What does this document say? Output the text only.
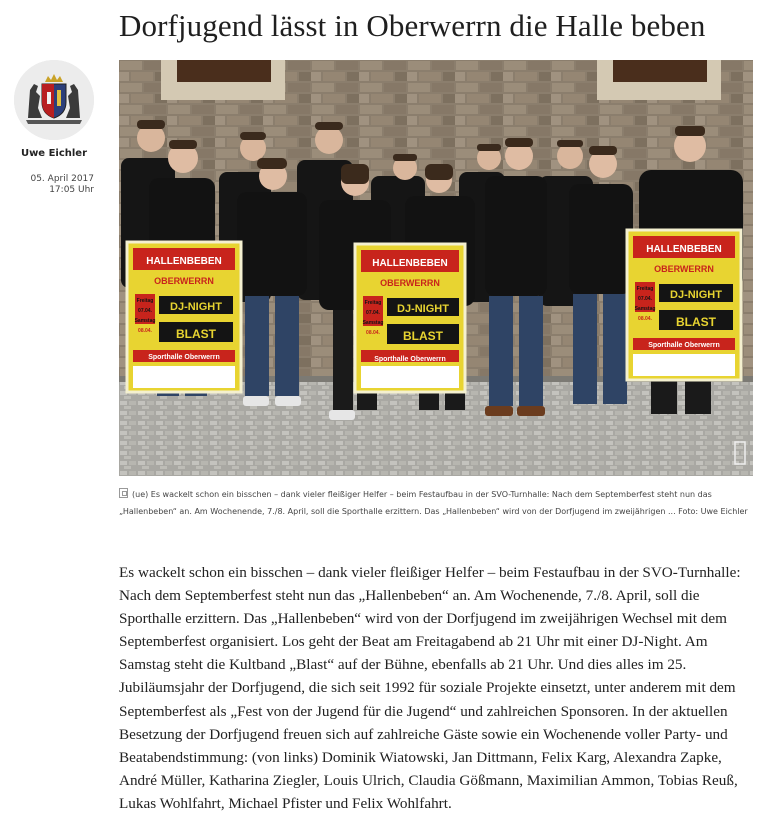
Dorfjugend lässt in Oberwerrn die Halle beben
Uwe Eichler
05. April 2017
17:05 Uhr
HALLENBEBEN
OBERWERRN
DJ-NIGHT
BLAST
Sporthalle Oberwerrn
HALLENBEBEN
OBERWERRN
DJ-NIGHT
BLAST
Sporthalle Oberwerrn
HALLENBEBEN
OBERWERRN
DJ-NIGHT
BLAST
Sporthalle Oberwerrn
Freitag
07.04.
Samstag
Freitag
07.04.
Samstag
Freitag
07.04.
Samstag
08.04.	08.04.
08.04.
(ue) Es wackelt schon ein bisschen – dank vieler fleißiger Helfer – beim Festaufbau in der SVO-Turnhalle: Nach dem Septemberfest steht nun das „Hallenbeben“ an. Am Wochenende, 7./8. April, soll die Sporthalle erzittern. Das „Hallenbeben“ wird von der Dorfjugend im zweijährigen ... Foto: Uwe Eichler

Es wackelt schon ein bisschen – dank vieler fleißiger Helfer – beim Festaufbau in der SVO-Turnhalle: Nach dem Septemberfest steht nun das „Hallenbeben“ an. Am Wochenende, 7./8. April, soll die Sporthalle erzittern. Das „Hallenbeben“ wird von der Dorfjugend im zweijährigen Wechsel mit dem Septemberfest organisiert. Los geht der Beat am Freitagabend ab 21 Uhr mit einer DJ-Night. Am Samstag steht die Kultband „Blast“ auf der Bühne, ebenfalls ab 21 Uhr. Und dies alles im 25. Jubiläumsjahr der Dorfjugend, die sich seit 1992 für soziale Projekte einsetzt, unter anderem mit dem Septemberfest als „Fest von der Jugend für die Jugend“ und zahlreichen Sponsoren. In der aktuellen Besetzung der Dorfjugend freuen sich auf zahlreiche Gäste sowie ein Wochenende voller Party- und Beatabendstimmung: (von links) Dominik Wiatowski, Jan Dittmann, Felix Karg, Alexandra Zapke, André Müller, Katharina Ziegler, Louis Ulrich, Claudia Gößmann, Maximilian Ammon, Tobias Reuß, Lukas Wohlfahrt, Michael Pfister und Felix Wohlfahrt.
